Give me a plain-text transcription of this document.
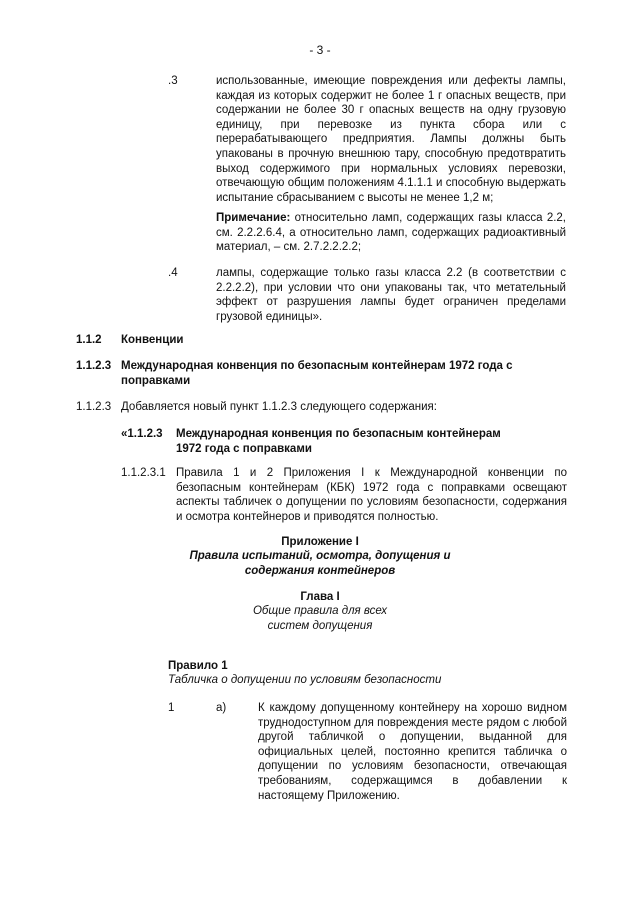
- 3 -
.3	использованные, имеющие повреждения или дефекты лампы, каждая из которых содержит не более 1 г опасных веществ, при содержании не более 30 г опасных веществ на одну грузовую единицу, при перевозке из пункта сбора или с перерабатывающего предприятия. Лампы должны быть упакованы в прочную внешнюю тару, способную предотвратить выход содержимого при нормальных условиях перевозки, отвечающую общим положениям 4.1.1.1 и способную выдержать испытание сбрасыванием с высоты не менее 1,2 м;

Примечание: относительно ламп, содержащих газы класса 2.2, см. 2.2.2.6.4, а относительно ламп, содержащих радиоактивный материал, – см. 2.7.2.2.2.2;

.4	лампы, содержащие только газы класса 2.2 (в соответствии с 2.2.2.2), при условии что они упакованы так, что метательный эффект от разрушения лампы будет ограничен пределами грузовой единицы».

1.1.2 Конвенции
1.1.2.3 Международная конвенция по безопасным контейнерам 1972 года с поправками
1.1.2.3 Добавляется новый пункт 1.1.2.3 следующего содержания:
«1.1.2.3 Международная конвенция по безопасным контейнерам 1972 года с поправками
1.1.2.3.1 Правила 1 и 2 Приложения I к Международной конвенции по безопасным контейнерам (КБК) 1972 года с поправками освещают аспекты табличек о допущении по условиям безопасности, содержания и осмотра контейнеров и приводятся полностью.

Приложение I
Правила испытаний, осмотра, допущения и содержания контейнеров
Глава I
Общие правила для всех систем допущения
Правило 1
Табличка о допущении по условиям безопасности
1	a)	К каждому допущенному контейнеру на хорошо видном труднодоступном для повреждения месте рядом с любой другой табличкой о допущении, выданной для официальных целей, постоянно крепится табличка о допущении по условиям безопасности, отвечающая требованиям, содержащимся в добавлении к настоящему Приложению.
